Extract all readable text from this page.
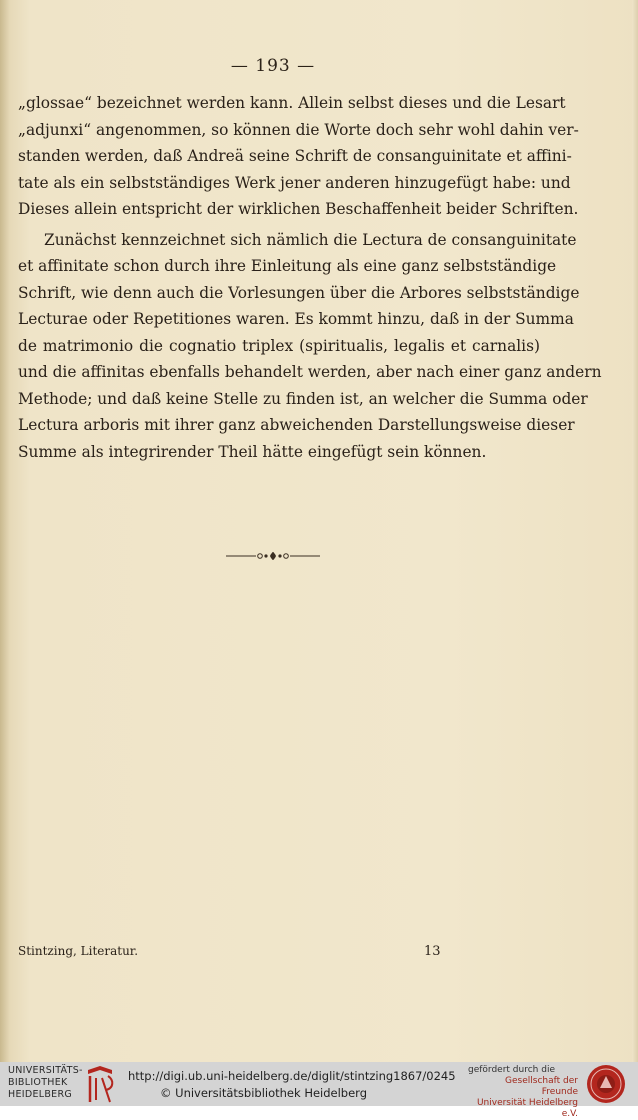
— 193 —
„glossae“ bezeichnet werden kann. Allein selbst dieses und die Lesart
„adjunxi“ angenommen, so können die Worte doch sehr wohl dahin ver-
standen werden, daß Andreä seine Schrift de consanguinitate et affini-
tate als ein selbstständiges Werk jener anderen hinzugefügt habe: und
Dieses allein entspricht der wirklichen Beschaffenheit beider Schriften.
Zunächst kennzeichnet sich nämlich die Lectura de consanguinitate
et affinitate schon durch ihre Einleitung als eine ganz selbstständige
Schrift, wie denn auch die Vorlesungen über die Arbores selbstständige
Lecturae oder Repetitiones waren. Es kommt hinzu, daß in der Summa
de matrimonio die cognatio triplex (spiritualis, legalis et carnalis)
und die affinitas ebenfalls behandelt werden, aber nach einer ganz andern
Methode; und daß keine Stelle zu finden ist, an welcher die Summa oder
Lectura arboris mit ihrer ganz abweichenden Darstellungsweise dieser
Summe als integrirender Theil hätte eingefügt sein können.
Stintzing, Literatur.	13
UNIVERSITÄTS-
BIBLIOTHEK
HEIDELBERG
http://digi.ub.uni-heidelberg.de/diglit/stintzing1867/0245
© Universitätsbibliothek Heidelberg
gefördert durch die
Gesellschaft der Freunde
Universität Heidelberg e.V.
